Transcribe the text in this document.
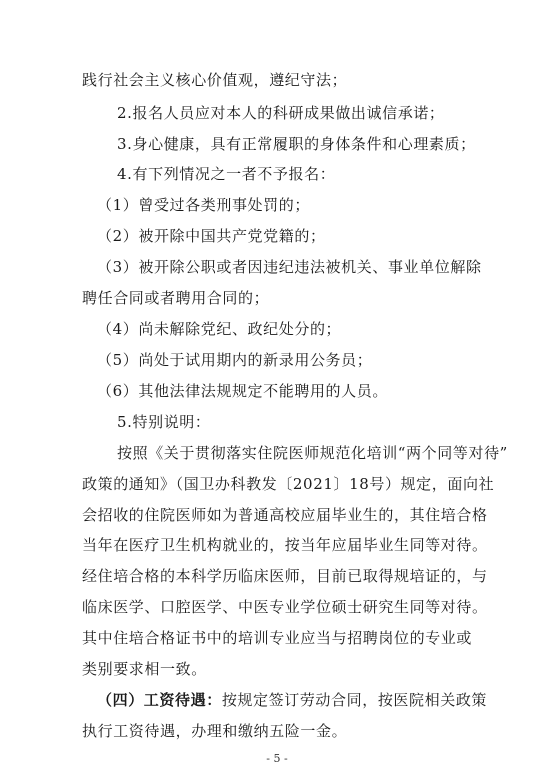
践行社会主义核心价值观，遵纪守法；
2.报名人员应对本人的科研成果做出诚信承诺；
3.身心健康，具有正常履职的身体条件和心理素质；
4.有下列情况之一者不予报名：
（1）曾受过各类刑事处罚的；
（2）被开除中国共产党党籍的；
（3）被开除公职或者因违纪违法被机关、事业单位解除
聘任合同或者聘用合同的；
（4）尚未解除党纪、政纪处分的；
（5）尚处于试用期内的新录用公务员；
（6）其他法律法规规定不能聘用的人员。
5.特别说明：
按照《关于贯彻落实住院医师规范化培训“两个同等对待”
政策的通知》（国卫办科教发〔2021〕18号）规定，面向社
会招收的住院医师如为普通高校应届毕业生的，其住培合格
当年在医疗卫生机构就业的，按当年应届毕业生同等对待。
经住培合格的本科学历临床医师，目前已取得规培证的，与
临床医学、口腔医学、中医专业学位硕士研究生同等对待。
其中住培合格证书中的培训专业应当与招聘岗位的专业或
类别要求相一致。
（四）工资待遇：按规定签订劳动合同，按医院相关政策
执行工资待遇，办理和缴纳五险一金。
- 5 -
